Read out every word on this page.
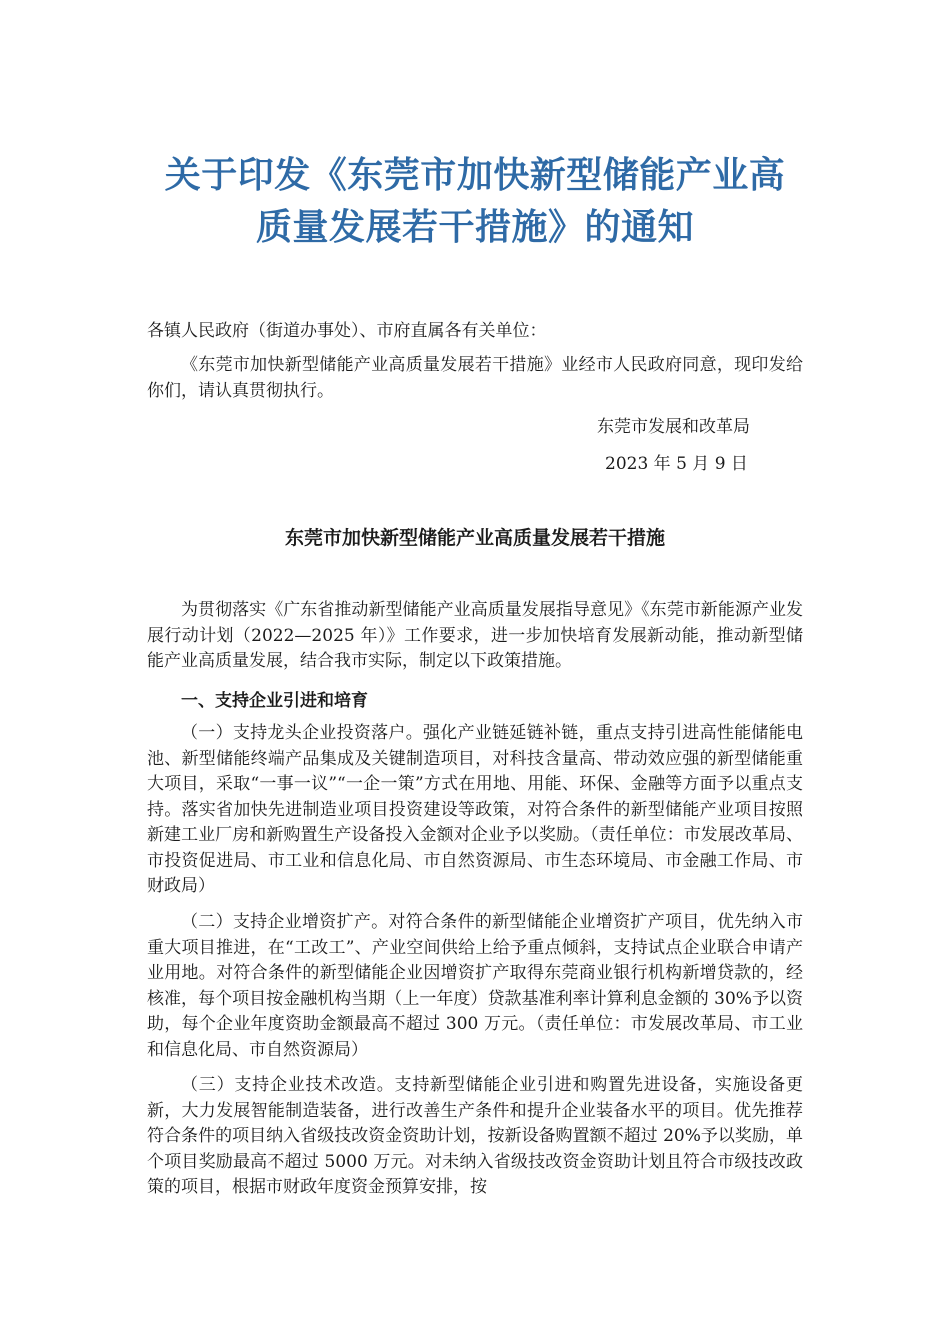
关于印发《东莞市加快新型储能产业高
质量发展若干措施》的通知
各镇人民政府（街道办事处）、市府直属各有关单位：
《东莞市加快新型储能产业高质量发展若干措施》业经市人民政府同意，现印发给你们，请认真贯彻执行。
东莞市发展和改革局
2023 年 5 月 9 日
东莞市加快新型储能产业高质量发展若干措施
为贯彻落实《广东省推动新型储能产业高质量发展指导意见》《东莞市新能源产业发展行动计划（2022—2025 年）》工作要求，进一步加快培育发展新动能，推动新型储能产业高质量发展，结合我市实际，制定以下政策措施。
一、支持企业引进和培育
（一）支持龙头企业投资落户。强化产业链延链补链，重点支持引进高性能储能电池、新型储能终端产品集成及关键制造项目，对科技含量高、带动效应强的新型储能重大项目，采取“一事一议”“一企一策”方式在用地、用能、环保、金融等方面予以重点支持。落实省加快先进制造业项目投资建设等政策，对符合条件的新型储能产业项目按照新建工业厂房和新购置生产设备投入金额对企业予以奖励。（责任单位：市发展改革局、市投资促进局、市工业和信息化局、市自然资源局、市生态环境局、市金融工作局、市财政局）
（二）支持企业增资扩产。对符合条件的新型储能企业增资扩产项目，优先纳入市重大项目推进，在“工改工”、产业空间供给上给予重点倾斜，支持试点企业联合申请产业用地。对符合条件的新型储能企业因增资扩产取得东莞商业银行机构新增贷款的，经核准，每个项目按金融机构当期（上一年度）贷款基准利率计算利息金额的 30%予以资助，每个企业年度资助金额最高不超过 300 万元。（责任单位：市发展改革局、市工业和信息化局、市自然资源局）
（三）支持企业技术改造。支持新型储能企业引进和购置先进设备，实施设备更新，大力发展智能制造装备，进行改善生产条件和提升企业装备水平的项目。优先推荐符合条件的项目纳入省级技改资金资助计划，按新设备购置额不超过 20%予以奖励，单个项目奖励最高不超过 5000 万元。对未纳入省级技改资金资助计划且符合市级技改政策的项目，根据市财政年度资金预算安排，按
